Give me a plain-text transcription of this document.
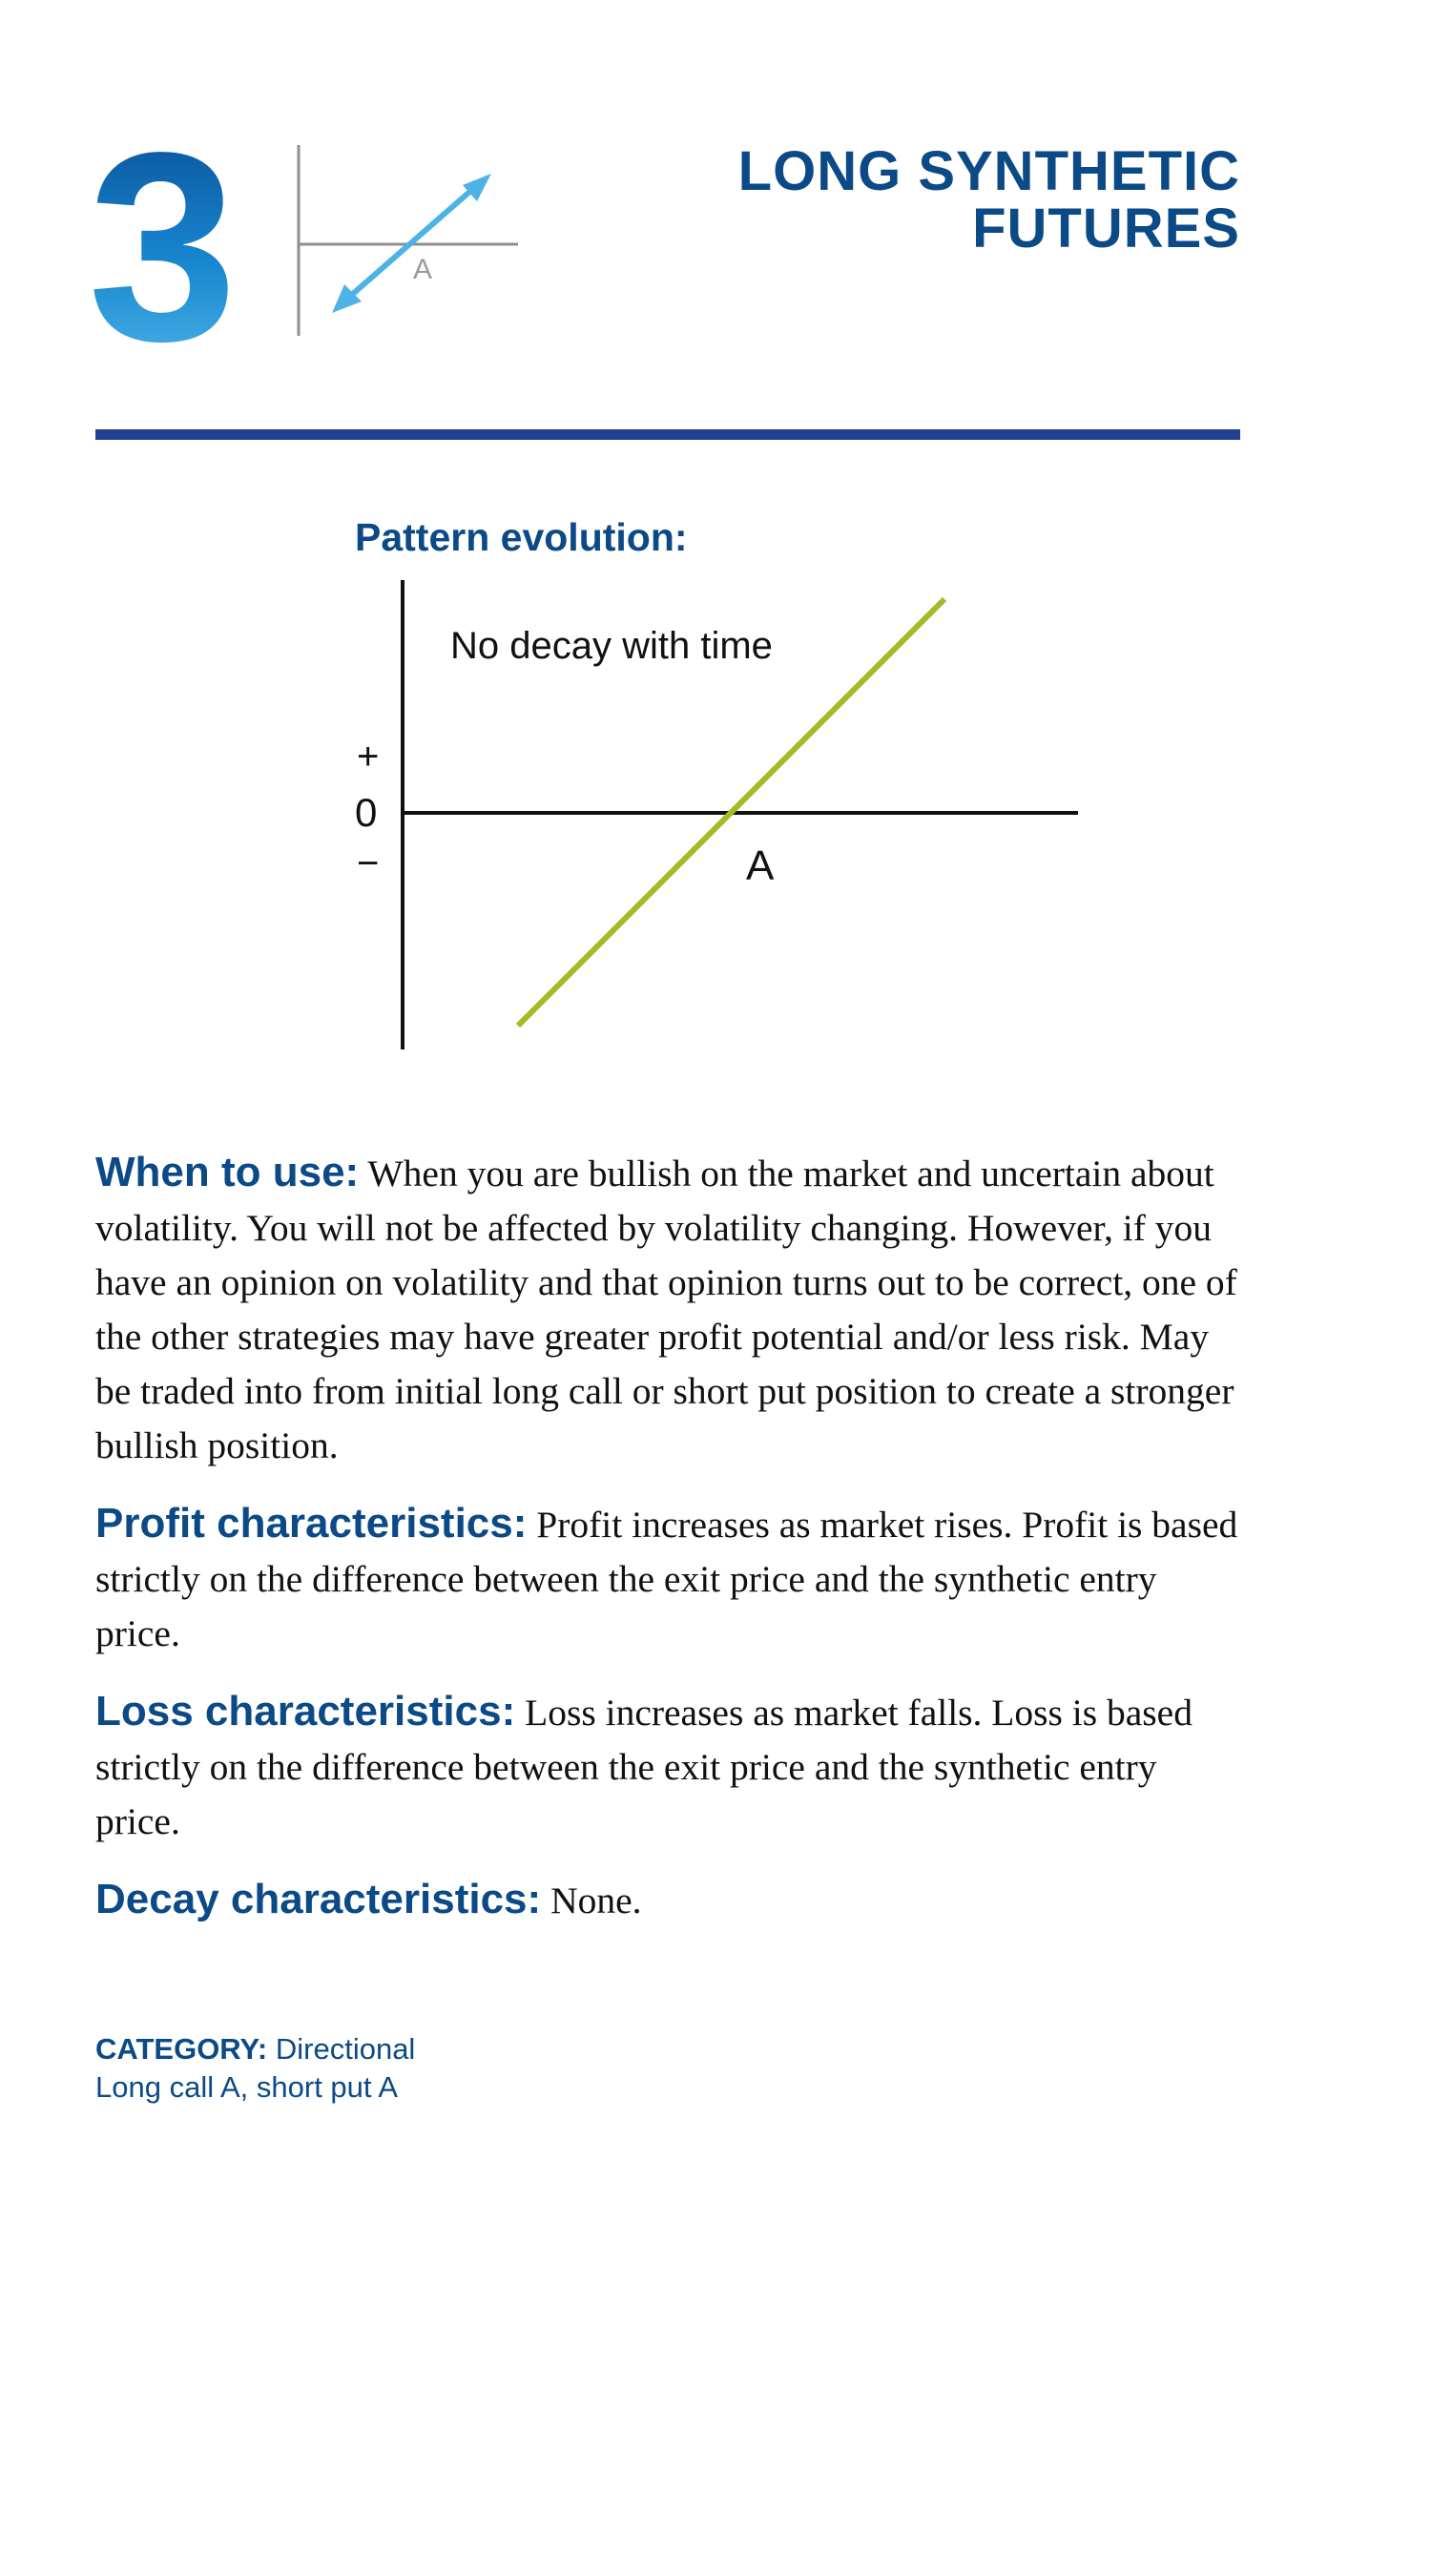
3	A
LONG SYNTHETIC
FUTURES
Pattern evolution:
No decay with time
+
0
−	A

When to use: When you are bullish on the market and uncertain about volatility. You will not be affected by volatility changing. However, if you have an opinion on volatility and that opinion turns out to be correct, one of the other strategies may have greater profit potential and/or less risk. May be traded into from initial long call or short put position to create a stronger bullish position.

Profit characteristics: Profit increases as market rises. Profit is based strictly on the difference between the exit price and the synthetic entry price.

Loss characteristics: Loss increases as market falls. Loss is based strictly on the difference between the exit price and the synthetic entry price.

Decay characteristics: None.

CATEGORY: Directional
Long call A, short put A
